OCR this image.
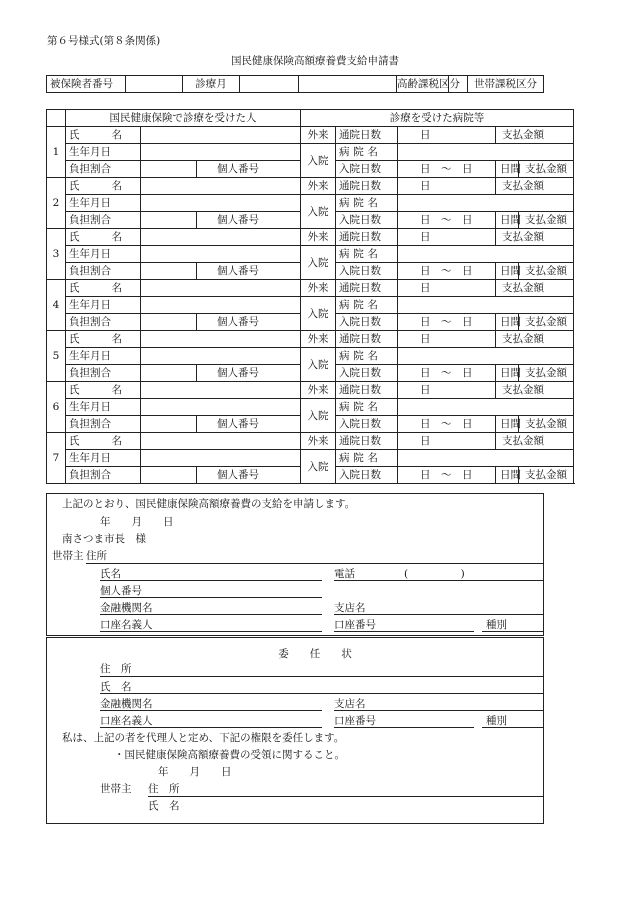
第６号様式(第８条関係)
国民健康保険高額療養費支給申請書
被保険者番号		診療月			高齢課税区分		世帯課税区分
	国民健康保険で診療を受けた人			診療を受けた病院等					
1	氏　　名			外来	通院日数	日	支払金額		
	生年月日			入院	病院名				
	負担割合		個人番号		入院日数	日　～　日	日間	支払金額	
2	氏　　名			外来	通院日数	日	支払金額		
	生年月日			入院	病院名				
	負担割合		個人番号		入院日数	日　～　日	日間	支払金額	
3	氏　　名			外来	通院日数	日	支払金額		
	生年月日			入院	病院名				
	負担割合		個人番号		入院日数	日　～　日	日間	支払金額	
4	氏　　名			外来	通院日数	日	支払金額		
	生年月日			入院	病院名				
	負担割合		個人番号		入院日数	日　～　日	日間	支払金額	
5	氏　　名			外来	通院日数	日	支払金額		
	生年月日			入院	病院名				
	負担割合		個人番号		入院日数	日　～　日	日間	支払金額	
6	氏　　名			外来	通院日数	日	支払金額		
	生年月日			入院	病院名				
	負担割合		個人番号		入院日数	日　～　日	日間	支払金額	
7	氏　　名			外来	通院日数	日	支払金額		
	生年月日			入院	病院名				
	負担割合		個人番号		入院日数	日　～　日	日間	支払金額	
上記のとおり、国民健康保険高額療養費の支給を申請します。
年　　月　　日
南さつま市長　様
世帯主 住所
氏名	電話	(　　　　　)
個人番号
金融機関名	支店名
口座名義人	口座番号	種別
委　　任　　状
住　所
氏　名
金融機関名	支店名
口座名義人	口座番号	種別
私は、上記の者を代理人と定め、下記の権限を委任します。
・国民健康保険高額療養費の受領に関すること。
年　　月　　日
世帯主 住　所
氏　名
